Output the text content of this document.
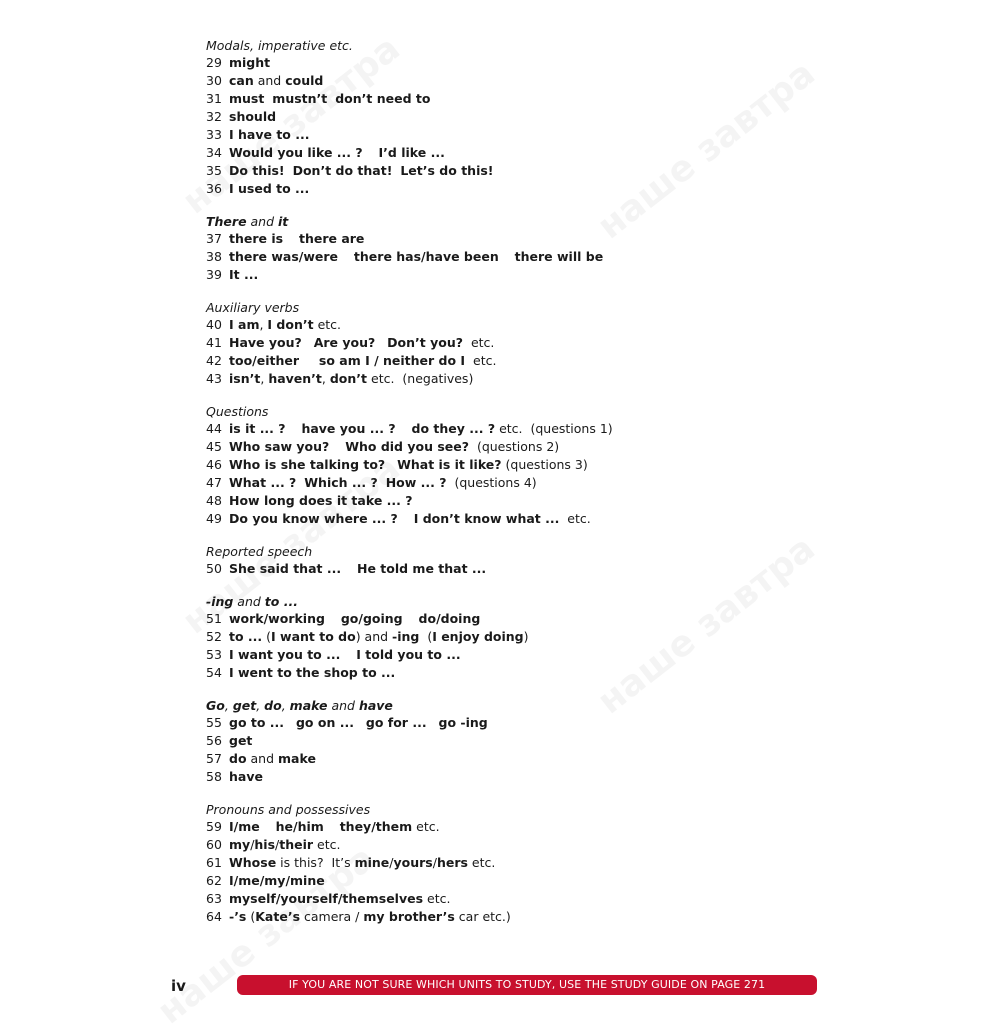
Modals, imperative etc.
29 might
30 can and could
31 must mustn’t don’t need to
32 should
33 I have to ...
34 Would you like ... ? I’d like ...
35 Do this! Don’t do that! Let’s do this!
36 I used to ...
There and it
37 there is there are
38 there was/were there has/have been there will be
39 It ...
Auxiliary verbs
40 I am, I don’t etc.
41 Have you? Are you? Don’t you?  etc.
42 too/either so am I / neither do I  etc.
43 isn’t, haven’t, don’t etc.  (negatives)
Questions
44 is it ... ? have you ... ? do they ... ? etc.  (questions 1)
45 Who saw you? Who did you see?  (questions 2)
46 Who is she talking to? What is it like? (questions 3)
47 What ... ? Which ... ? How ... ?  (questions 4)
48 How long does it take ... ?
49 Do you know where ... ? I don’t know what ...  etc.
Reported speech
50 She said that ... He told me that ...
-ing and to ...
51 work/working go/going do/doing
52 to ... (I want to do) and -ing  (I enjoy doing)
53 I want you to ... I told you to ...
54 I went to the shop to ...
Go, get, do, make and have
55 go to ... go on ... go for ... go -ing
56 get
57 do and make
58 have
Pronouns and possessives
59 I/me he/him they/them etc.
60 my/his/their etc.
61 Whose is this?  It’s mine/yours/hers etc.
62 I/me/my/mine
63 myself/yourself/themselves etc.
64 -’s (Kate’s camera / my brother’s car etc.)
iv	IF YOU ARE NOT SURE WHICH UNITS TO STUDY, USE THE STUDY GUIDE ON PAGE 271
